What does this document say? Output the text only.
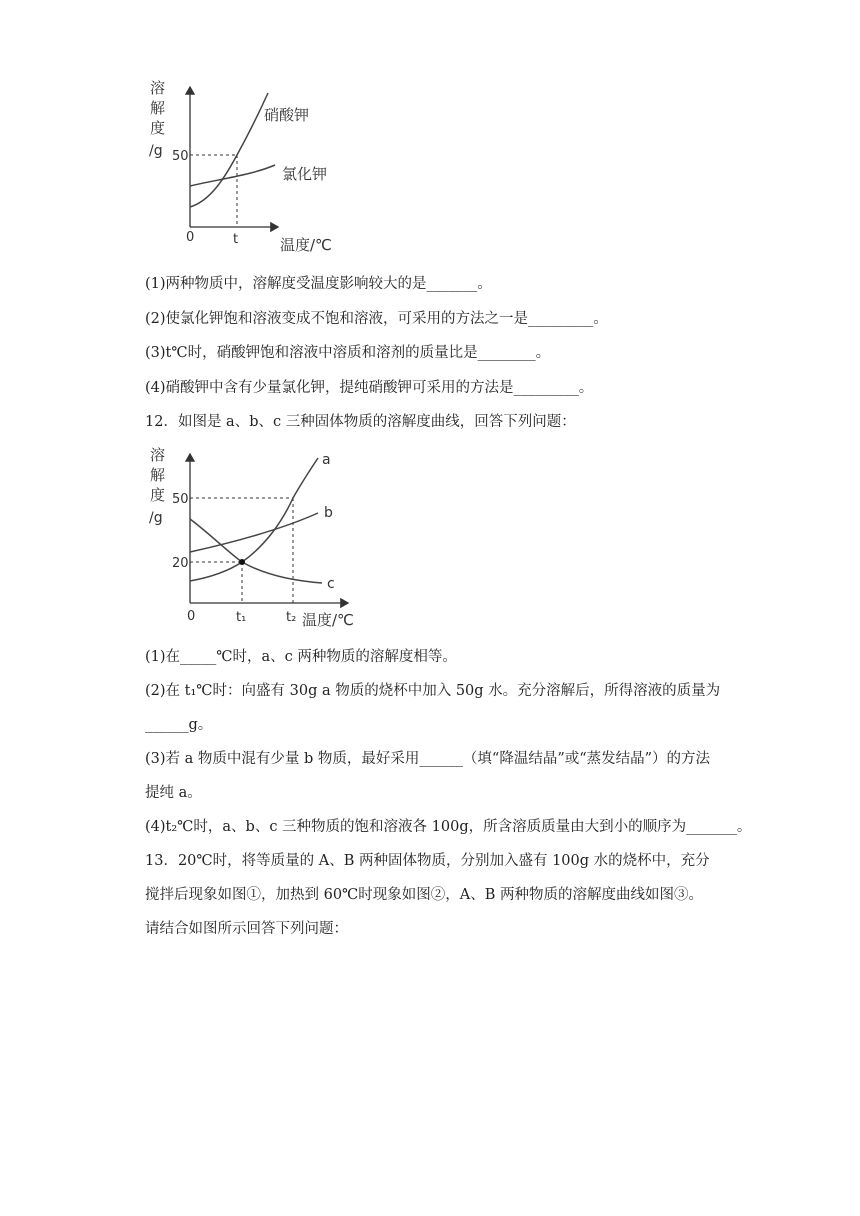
溶
解
度
/g 50
0	t	温度/℃
硝酸钾
氯化钾
(1)两种物质中，溶解度受温度影响较大的是_______。
(2)使氯化钾饱和溶液变成不饱和溶液，可采用的方法之一是_________。
(3)t℃时，硝酸钾饱和溶液中溶质和溶剂的质量比是________。
(4)硝酸钾中含有少量氯化钾，提纯硝酸钾可采用的方法是_________。
12．如图是 a、b、c 三种固体物质的溶解度曲线，回答下列问题：
溶
解
度
/g
50
20
0	t₁	t₂ 温度/℃
a
b
c
(1)在_____℃时，a、c 两种物质的溶解度相等。
(2)在 t₁℃时：向盛有 30g a 物质的烧杯中加入 50g 水。充分溶解后，所得溶液的质量为
______g。
(3)若 a 物质中混有少量 b 物质，最好采用______（填“降温结晶”或“蒸发结晶”）的方法
提纯 a。
(4)t₂℃时，a、b、c 三种物质的饱和溶液各 100g，所含溶质质量由大到小的顺序为_______。
13．20℃时，将等质量的 A、B 两种固体物质，分别加入盛有 100g 水的烧杯中，充分
搅拌后现象如图①，加热到 60℃时现象如图②，A、B 两种物质的溶解度曲线如图③。
请结合如图所示回答下列问题：
